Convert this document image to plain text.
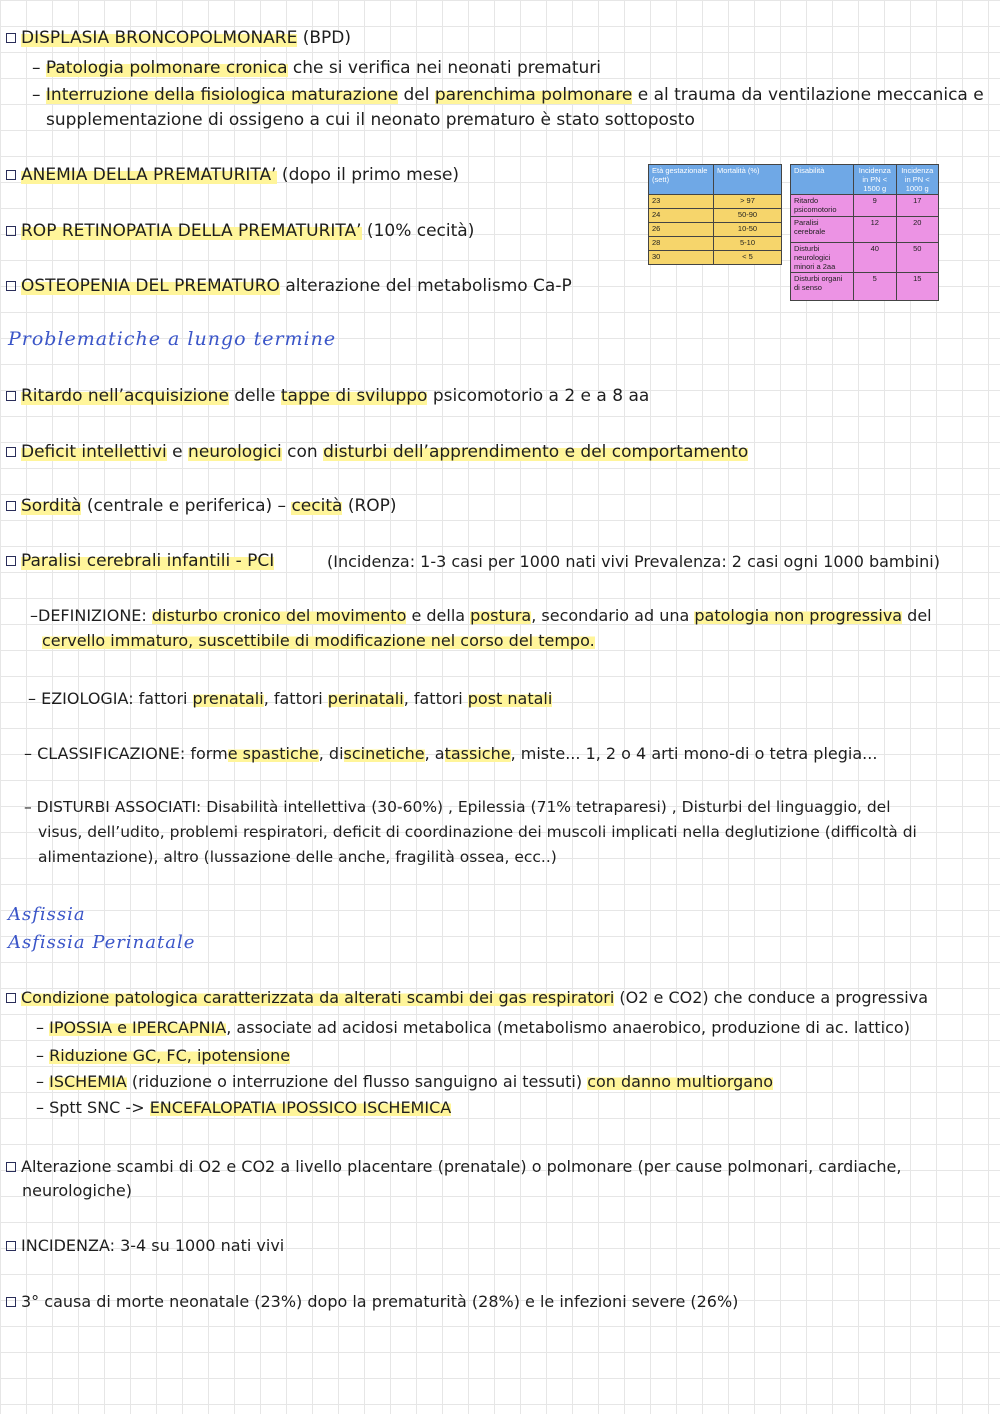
DISPLASIA BRONCOPOLMONARE (BPD)
– Patologia polmonare cronica che si verifica nei neonati prematuri
– Interruzione della fisiologica maturazione del parenchima polmonare e al trauma da ventilazione meccanica e
supplementazione di ossigeno a cui il neonato prematuro è stato sottoposto
ANEMIA DELLA PREMATURITA’ (dopo il primo mese)
ROP RETINOPATIA DELLA PREMATURITA’ (10% cecità)
OSTEOPENIA DEL PREMATURO alterazione del metabolismo Ca-P
Età gestazionale (sett)	Mortalità (%)
23	> 97
24	50-90
26	10-50
28	5-10
30	< 5
Disabilità	Incidenza in PN < 1500 g	Incidenza in PN < 1000 g
Ritardo psicomotorio	9	17
Paralisi cerebrale	12	20
Disturbi neurologici minori a 2aa	40	50
Disturbi organi di senso	5	15
Problematiche a lungo termine
Ritardo nell’acquisizione delle tappe di sviluppo psicomotorio a 2 e a 8 aa
Deficit intellettivi e neurologici con disturbi dell’apprendimento e del comportamento
Sordità (centrale e periferica) – cecità (ROP)
Paralisi cerebrali infantili - PCI	(Incidenza: 1-3 casi per 1000 nati vivi Prevalenza: 2 casi ogni 1000 bambini)
–DEFINIZIONE: disturbo cronico del movimento e della postura, secondario ad una patologia non progressiva del
cervello immaturo, suscettibile di modificazione nel corso del tempo.
– EZIOLOGIA: fattori prenatali, fattori perinatali, fattori post natali
– CLASSIFICAZIONE: forme spastiche, discinetiche, atassiche, miste... 1, 2 o 4 arti mono-di o tetra plegia...
– DISTURBI ASSOCIATI: Disabilità intellettiva (30-60%) , Epilessia (71% tetraparesi) , Disturbi del linguaggio, del
visus, dell’udito, problemi respiratori, deficit di coordinazione dei muscoli implicati nella deglutizione (difficoltà di
alimentazione), altro (lussazione delle anche, fragilità ossea, ecc..)
Asfissia
Asfissia Perinatale
Condizione patologica caratterizzata da alterati scambi dei gas respiratori (O2 e CO2) che conduce a progressiva
– IPOSSIA e IPERCAPNIA, associate ad acidosi metabolica (metabolismo anaerobico, produzione di ac. lattico)
– Riduzione GC, FC, ipotensione
– ISCHEMIA (riduzione o interruzione del flusso sanguigno ai tessuti) con danno multiorgano
– Sptt SNC -> ENCEFALOPATIA IPOSSICO ISCHEMICA
Alterazione scambi di O2 e CO2 a livello placentare (prenatale) o polmonare (per cause polmonari, cardiache,
neurologiche)
INCIDENZA: 3-4 su 1000 nati vivi
3° causa di morte neonatale (23%) dopo la prematurità (28%) e le infezioni severe (26%)
